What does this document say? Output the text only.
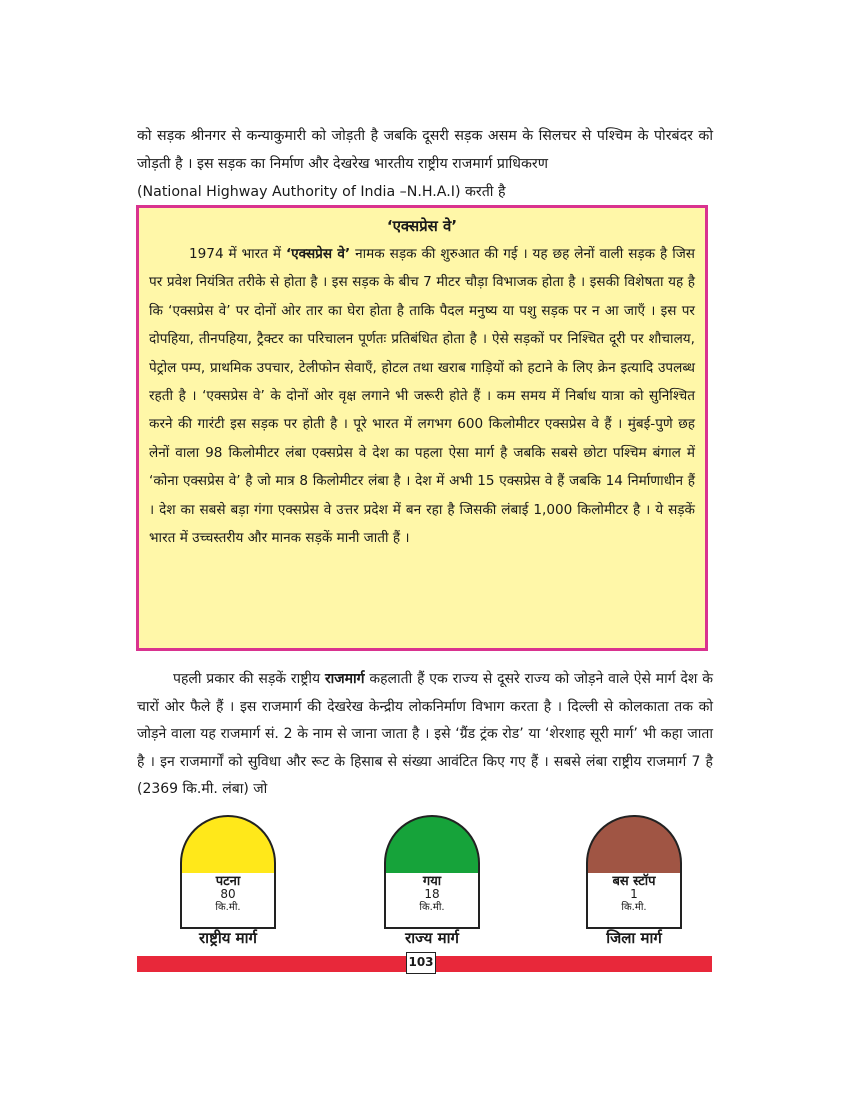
को सड़क श्रीनगर से कन्याकुमारी को जोड़ती है जबकि दूसरी सड़क असम के सिलचर से पश्चिम के पोरबंदर को जोड़ती है । इस सड़क का निर्माण और देखरेख भारतीय राष्ट्रीय राजमार्ग प्राधिकरण
(National Highway Authority of India –N.H.A.I) करती है

‘एक्सप्रेस वे’

1974 में भारत में ‘एक्सप्रेस वे’ नामक सड़क की शुरुआत की गई । यह छह लेनों वाली सड़क है जिस पर प्रवेश नियंत्रित तरीके से होता है । इस सड़क के बीच 7 मीटर चौड़ा विभाजक होता है । इसकी विशेषता यह है कि ‘एक्सप्रेस वे’ पर दोनों ओर तार का घेरा होता है ताकि पैदल मनुष्य या पशु सड़क पर न आ जाएँ । इस पर दोपहिया, तीनपहिया, ट्रैक्टर का परिचालन पूर्णतः प्रतिबंधित होता है । ऐसे सड़कों पर निश्चित दूरी पर शौचालय, पेट्रोल पम्प, प्राथमिक उपचार, टेलीफोन सेवाएँ, होटल तथा खराब गाड़ियों को हटाने के लिए क्रेन इत्यादि उपलब्ध रहती है । ‘एक्सप्रेस वे’ के दोनों ओर वृक्ष लगाने भी जरूरी होते हैं । कम समय में निर्बाध यात्रा को सुनिश्चित करने की गारंटी इस सड़क पर होती है । पूरे भारत में लगभग 600 किलोमीटर एक्सप्रेस वे हैं । मुंबई-पुणे छह लेनों वाला 98 किलोमीटर लंबा एक्सप्रेस वे देश का पहला ऐसा मार्ग है जबकि सबसे छोटा पश्चिम बंगाल में ‘कोना एक्सप्रेस वे’ है जो मात्र 8 किलोमीटर लंबा है । देश में अभी 15 एक्सप्रेस वे हैं जबकि 14 निर्माणाधीन हैं । देश का सबसे बड़ा गंगा एक्सप्रेस वे उत्तर प्रदेश में बन रहा है जिसकी लंबाई 1,000 किलोमीटर है । ये सड़कें भारत में उच्चस्तरीय और मानक सड़कें मानी जाती हैं ।

पहली प्रकार की सड़कें राष्ट्रीय राजमार्ग कहलाती हैं एक राज्य से दूसरे राज्य को जोड़ने वाले ऐसे मार्ग देश के चारों ओर फैले हैं । इस राजमार्ग की देखरेख केन्द्रीय लोकनिर्माण विभाग करता है । दिल्ली से कोलकाता तक को जोड़ने वाला यह राजमार्ग सं. 2 के नाम से जाना जाता है । इसे ‘ग्रैंड ट्रंक रोड’ या ‘शेरशाह सूरी मार्ग’ भी कहा जाता है । इन राजमार्गों को सुविधा और रूट के हिसाब से संख्या आवंटित किए गए हैं । सबसे लंबा राष्ट्रीय राजमार्ग 7 है (2369 कि.मी. लंबा) जो

पटना
80
कि.मी.
राष्ट्रीय मार्ग
गया
18
कि.मी.
राज्य मार्ग
बस स्टॉप
1
कि.मी.
जिला मार्ग
103
